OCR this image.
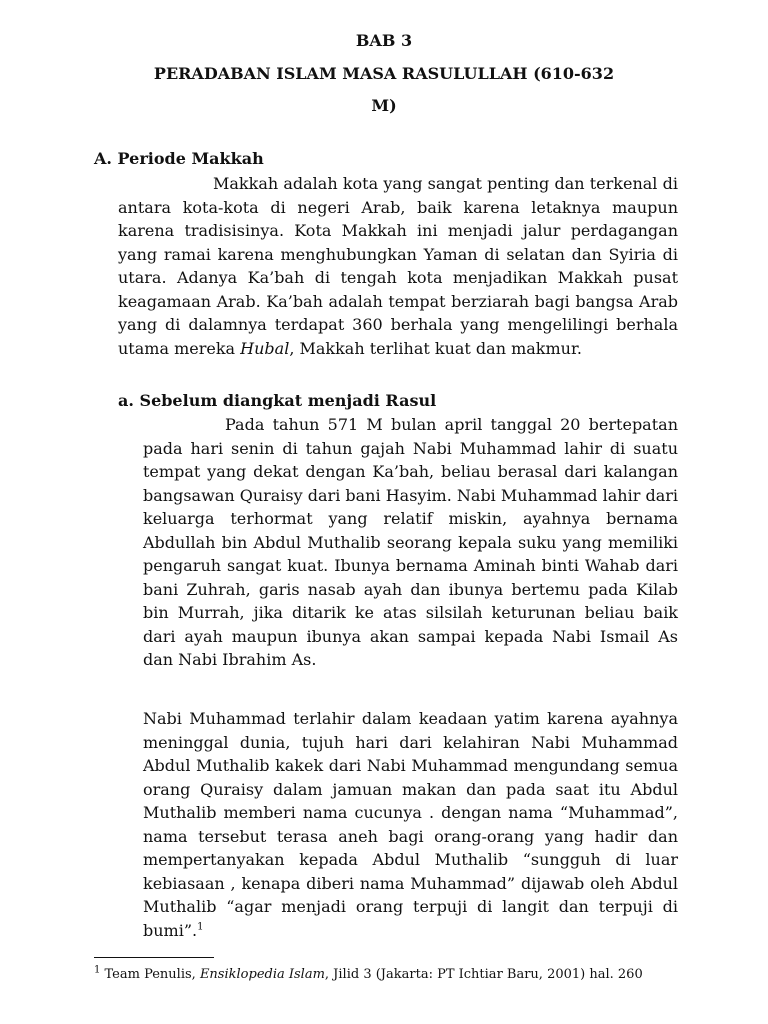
BAB 3
PERADABAN ISLAM MASA RASULULLAH (610-632
M)
A. Periode Makkah

Makkah adalah kota yang sangat penting dan terkenal di antara kota-kota di negeri Arab, baik karena letaknya maupun karena tradisisinya. Kota Makkah ini menjadi jalur perdagangan yang ramai karena menghubungkan Yaman di selatan dan Syiria di utara. Adanya Ka’bah di tengah kota menjadikan Makkah pusat keagamaan Arab. Ka’bah adalah tempat berziarah bagi bangsa Arab yang di dalamnya terdapat 360 berhala yang mengelilingi berhala utama mereka Hubal, Makkah terlihat kuat dan makmur.

a. Sebelum diangkat menjadi Rasul

Pada tahun 571 M bulan april tanggal 20 bertepatan pada hari senin di tahun gajah Nabi Muhammad lahir di suatu tempat yang dekat dengan Ka’bah, beliau berasal dari kalangan bangsawan Quraisy dari bani Hasyim. Nabi Muhammad lahir dari keluarga terhormat yang relatif miskin, ayahnya bernama Abdullah bin Abdul Muthalib seorang kepala suku yang memiliki pengaruh sangat kuat. Ibunya bernama Aminah binti Wahab dari bani Zuhrah, garis nasab ayah dan ibunya bertemu pada Kilab bin Murrah, jika ditarik ke atas silsilah keturunan beliau baik dari ayah maupun ibunya akan sampai kepada Nabi Ismail As dan Nabi Ibrahim As.

Nabi Muhammad terlahir dalam keadaan yatim karena ayahnya meninggal dunia, tujuh hari dari kelahiran Nabi Muhammad Abdul Muthalib kakek dari Nabi Muhammad mengundang semua orang Quraisy dalam jamuan makan dan pada saat itu Abdul Muthalib memberi nama cucunya . dengan nama “Muhammad”, nama tersebut terasa aneh bagi orang-orang yang hadir dan mempertanyakan kepada Abdul Muthalib “sungguh di luar kebiasaan , kenapa diberi nama Muhammad” dijawab oleh Abdul Muthalib “agar menjadi orang terpuji di langit dan terpuji di bumi”.$^1$

$^1$ Team Penulis, Ensiklopedia Islam, Jilid 3 (Jakarta: PT Ichtiar Baru, 2001) hal. 260
